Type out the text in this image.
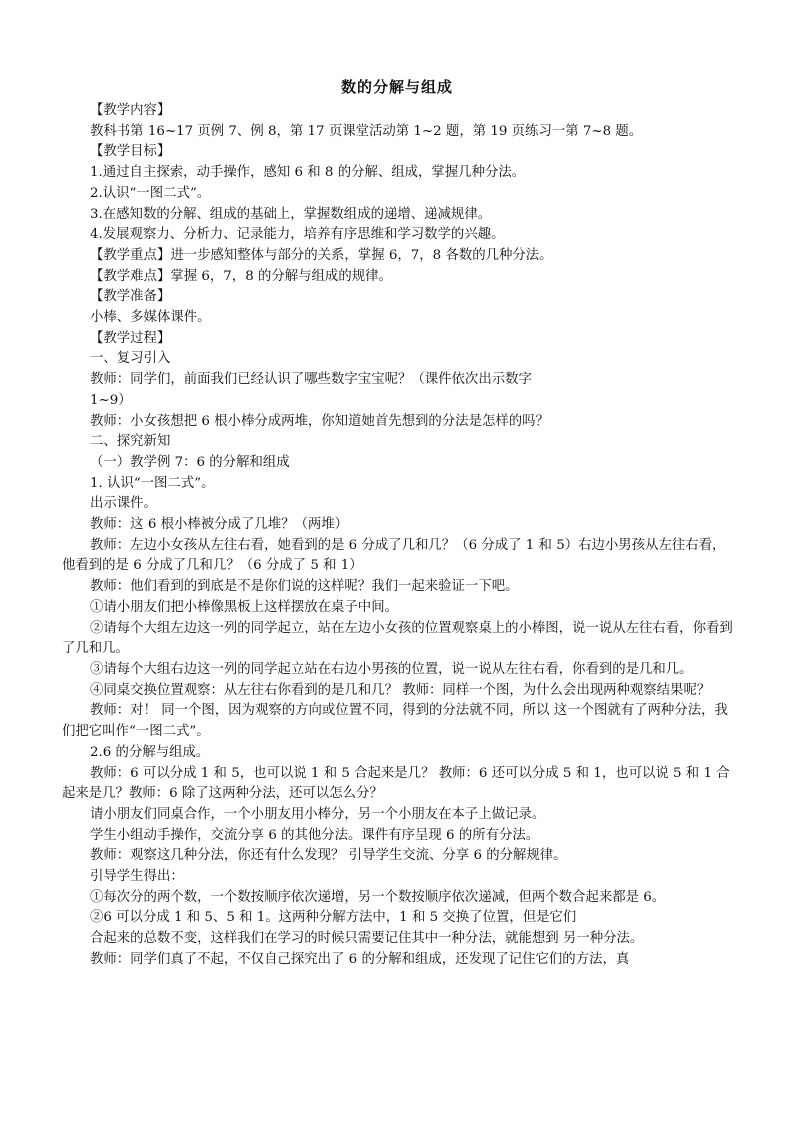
数的分解与组成

【教学内容】

教科书第 16~17 页例 7、例 8，第 17 页课堂活动第 1~2 题，第 19 页练习一第 7~8 题。

【教学目标】

1.通过自主探索，动手操作，感知 6 和 8 的分解、组成，掌握几种分法。

2.认识“一图二式”。

3.在感知数的分解、组成的基础上，掌握数组成的递增、递减规律。

4.发展观察力、分析力、记录能力，培养有序思维和学习数学的兴趣。

【教学重点】进一步感知整体与部分的关系，掌握 6，7，8 各数的几种分法。

【教学难点】掌握 6，7，8 的分解与组成的规律。

【教学准备】

小棒、多媒体课件。

【教学过程】

一、复习引入

教师：同学们，前面我们已经认识了哪些数字宝宝呢？（课件依次出示数字

1~9）

教师：小女孩想把 6 根小棒分成两堆，你知道她首先想到的分法是怎样的吗？

二、探究新知

（一）教学例 7：6 的分解和组成

1. 认识“一图二式”。

出示课件。

教师：这 6 根小棒被分成了几堆？（两堆）

教师：左边小女孩从左往右看，她看到的是 6 分成了几和几？（6 分成了 1 和 5）右边小男孩从左往右看，他看到的是 6 分成了几和几？（6 分成了 5 和 1）

教师：他们看到的到底是不是你们说的这样呢？我们一起来验证一下吧。

①请小朋友们把小棒像黑板上这样摆放在桌子中间。

②请每个大组左边这一列的同学起立，站在左边小女孩的位置观察桌上的小棒图，说一说从左往右看，你看到了几和几。

③请每个大组右边这一列的同学起立站在右边小男孩的位置，说一说从左往右看，你看到的是几和几。

④同桌交换位置观察：从左往右你看到的是几和几？ 教师：同样一个图，为什么会出现两种观察结果呢？

教师：对！ 同一个图，因为观察的方向或位置不同，得到的分法就不同，所以 这一个图就有了两种分法，我们把它叫作“一图二式”。

2.6 的分解与组成。

教师：6 可以分成 1 和 5，也可以说 1 和 5 合起来是几？ 教师：6 还可以分成 5 和 1，也可以说 5 和 1 合起来是几？教师：6 除了这两种分法，还可以怎么分？

请小朋友们同桌合作，一个小朋友用小棒分，另一个小朋友在本子上做记录。

学生小组动手操作，交流分享 6 的其他分法。课件有序呈现 6 的所有分法。

教师：观察这几种分法，你还有什么发现？ 引导学生交流、分享 6 的分解规律。

引导学生得出：

①每次分的两个数，一个数按顺序依次递增，另一个数按顺序依次递减，但两个数合起来都是 6。

②6 可以分成 1 和 5、5 和 1。这两种分解方法中，1 和 5 交换了位置，但是它们

合起来的总数不变，这样我们在学习的时候只需要记住其中一种分法，就能想到 另一种分法。

教师：同学们真了不起，不仅自己探究出了 6 的分解和组成，还发现了记住它们的方法，真
